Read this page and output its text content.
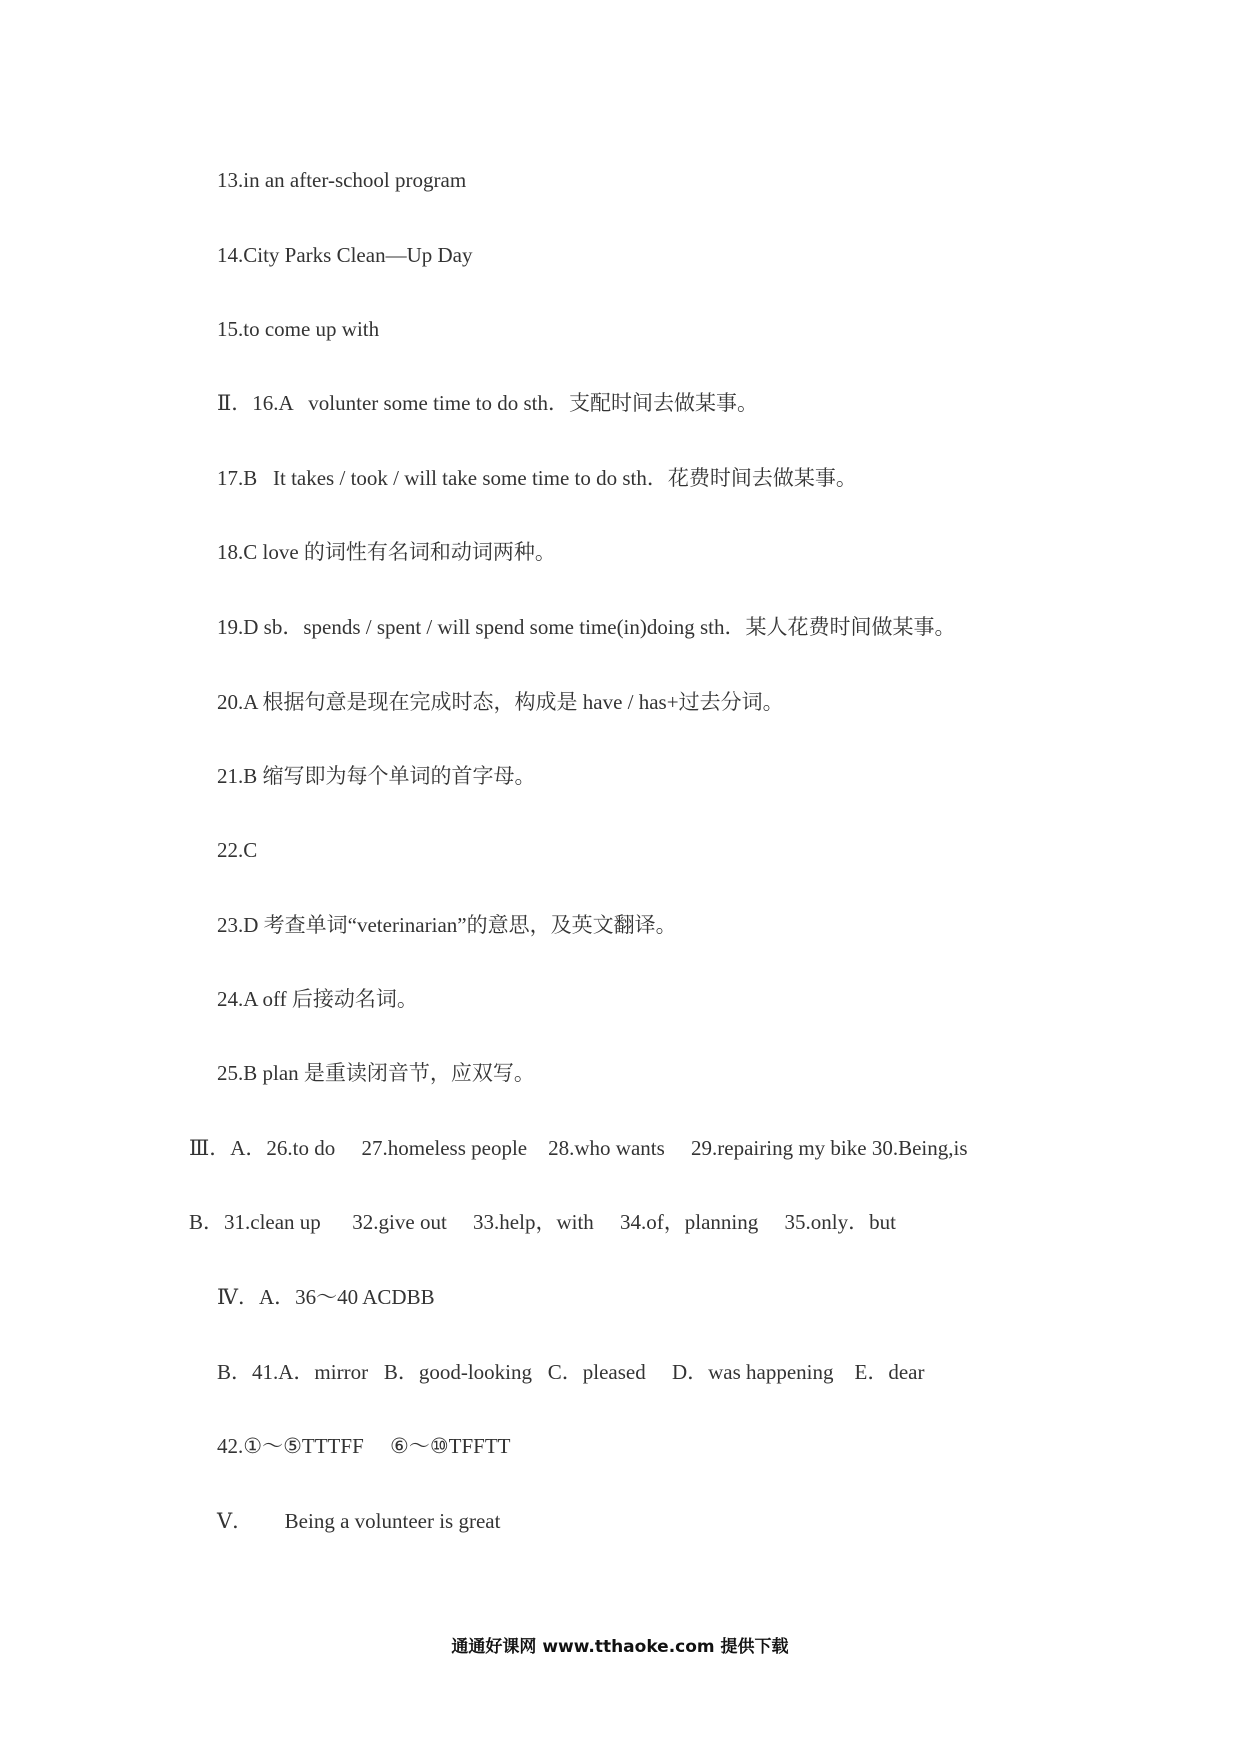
13.in an after-school program

14.City Parks Clean—Up Day

15.to come up with

Ⅱ．16.A   volunter some time to do sth．支配时间去做某事。

17.B   It takes / took / will take some time to do sth．花费时间去做某事。

18.C love 的词性有名词和动词两种。

19.D sb．spends / spent / will spend some time(in)doing sth．某人花费时间做某事。

20.A 根据句意是现在完成时态，构成是 have / has+过去分词。

21.B 缩写即为每个单词的首字母。

22.C

23.D 考查单词“veterinarian”的意思，及英文翻译。

24.A off 后接动名词。

25.B plan 是重读闭音节，应双写。

Ⅲ．A．26.to do     27.homeless people    28.who wants     29.repairing my bike 30.Being,is

B．31.clean up      32.give out     33.help，with     34.of，planning     35.only．but

Ⅳ．A．36～40 ACDBB

B．41.A．mirror   B．good-looking   C．pleased     D．was happening    E．dear

42.①～⑤TTTFF     ⑥～⑩TFFTT

Ⅴ．      Being a volunteer is great

通通好课网 www.tthaoke.com 提供下载
